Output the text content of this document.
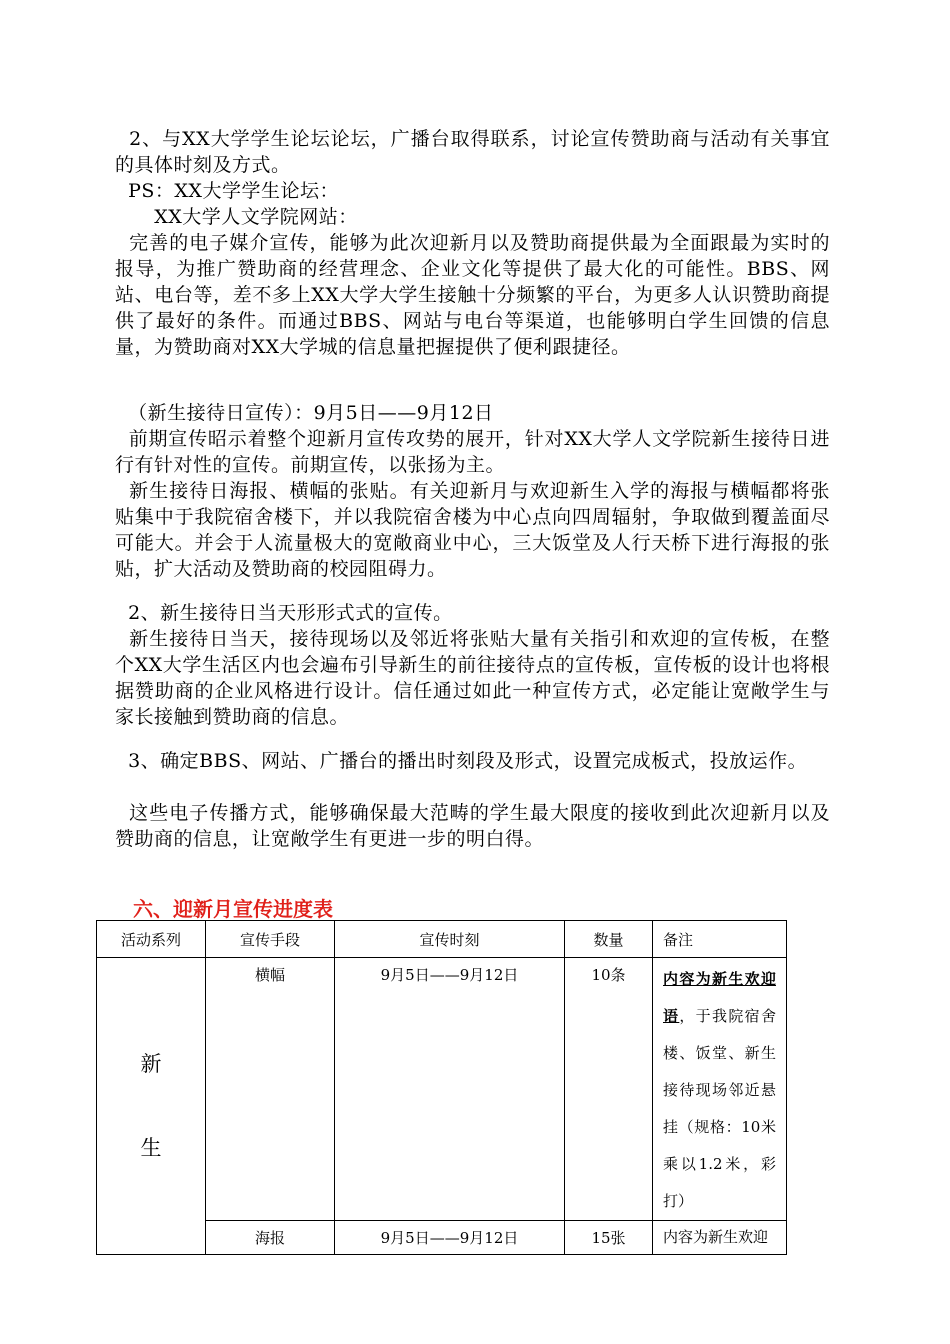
2、与XX大学学生论坛论坛，广播台取得联系，讨论宣传赞助商与活动有关事宜的具体时刻及方式。

PS：XX大学学生论坛：

XX大学人文学院网站：

完善的电子媒介宣传，能够为此次迎新月以及赞助商提供最为全面跟最为实时的报导，为推广赞助商的经营理念、企业文化等提供了最大化的可能性。BBS、网站、电台等，差不多上XX大学大学生接触十分频繁的平台，为更多人认识赞助商提供了最好的条件。而通过BBS、网站与电台等渠道，也能够明白学生回馈的信息量，为赞助商对XX大学城的信息量把握提供了便利跟捷径。

（新生接待日宣传）：9月5日——9月12日

前期宣传昭示着整个迎新月宣传攻势的展开，针对XX大学人文学院新生接待日进行有针对性的宣传。前期宣传，以张扬为主。

新生接待日海报、横幅的张贴。有关迎新月与欢迎新生入学的海报与横幅都将张贴集中于我院宿舍楼下，并以我院宿舍楼为中心点向四周辐射，争取做到覆盖面尽可能大。并会于人流量极大的宽敞商业中心，三大饭堂及人行天桥下进行海报的张贴，扩大活动及赞助商的校园阻碍力。

2、新生接待日当天形形式式的宣传。

新生接待日当天，接待现场以及邻近将张贴大量有关指引和欢迎的宣传板，在整个XX大学生活区内也会遍布引导新生的前往接待点的宣传板，宣传板的设计也将根据赞助商的企业风格进行设计。信任通过如此一种宣传方式，必定能让宽敞学生与家长接触到赞助商的信息。

3、确定BBS、网站、广播台的播出时刻段及形式，设置完成板式，投放运作。

这些电子传播方式，能够确保最大范畴的学生最大限度的接收到此次迎新月以及赞助商的信息，让宽敞学生有更进一步的明白得。

六、迎新月宣传进度表
活动系列	宣传手段	宣传时刻	数量	备注

新
生	横幅	9月5日——9月12日	10条	内容为新生欢迎语，于我院宿舍楼、饭堂、新生接待现场邻近悬挂（规格：10米乘以1.2米，彩打）
	海报	9月5日——9月12日	15张	内容为新生欢迎
